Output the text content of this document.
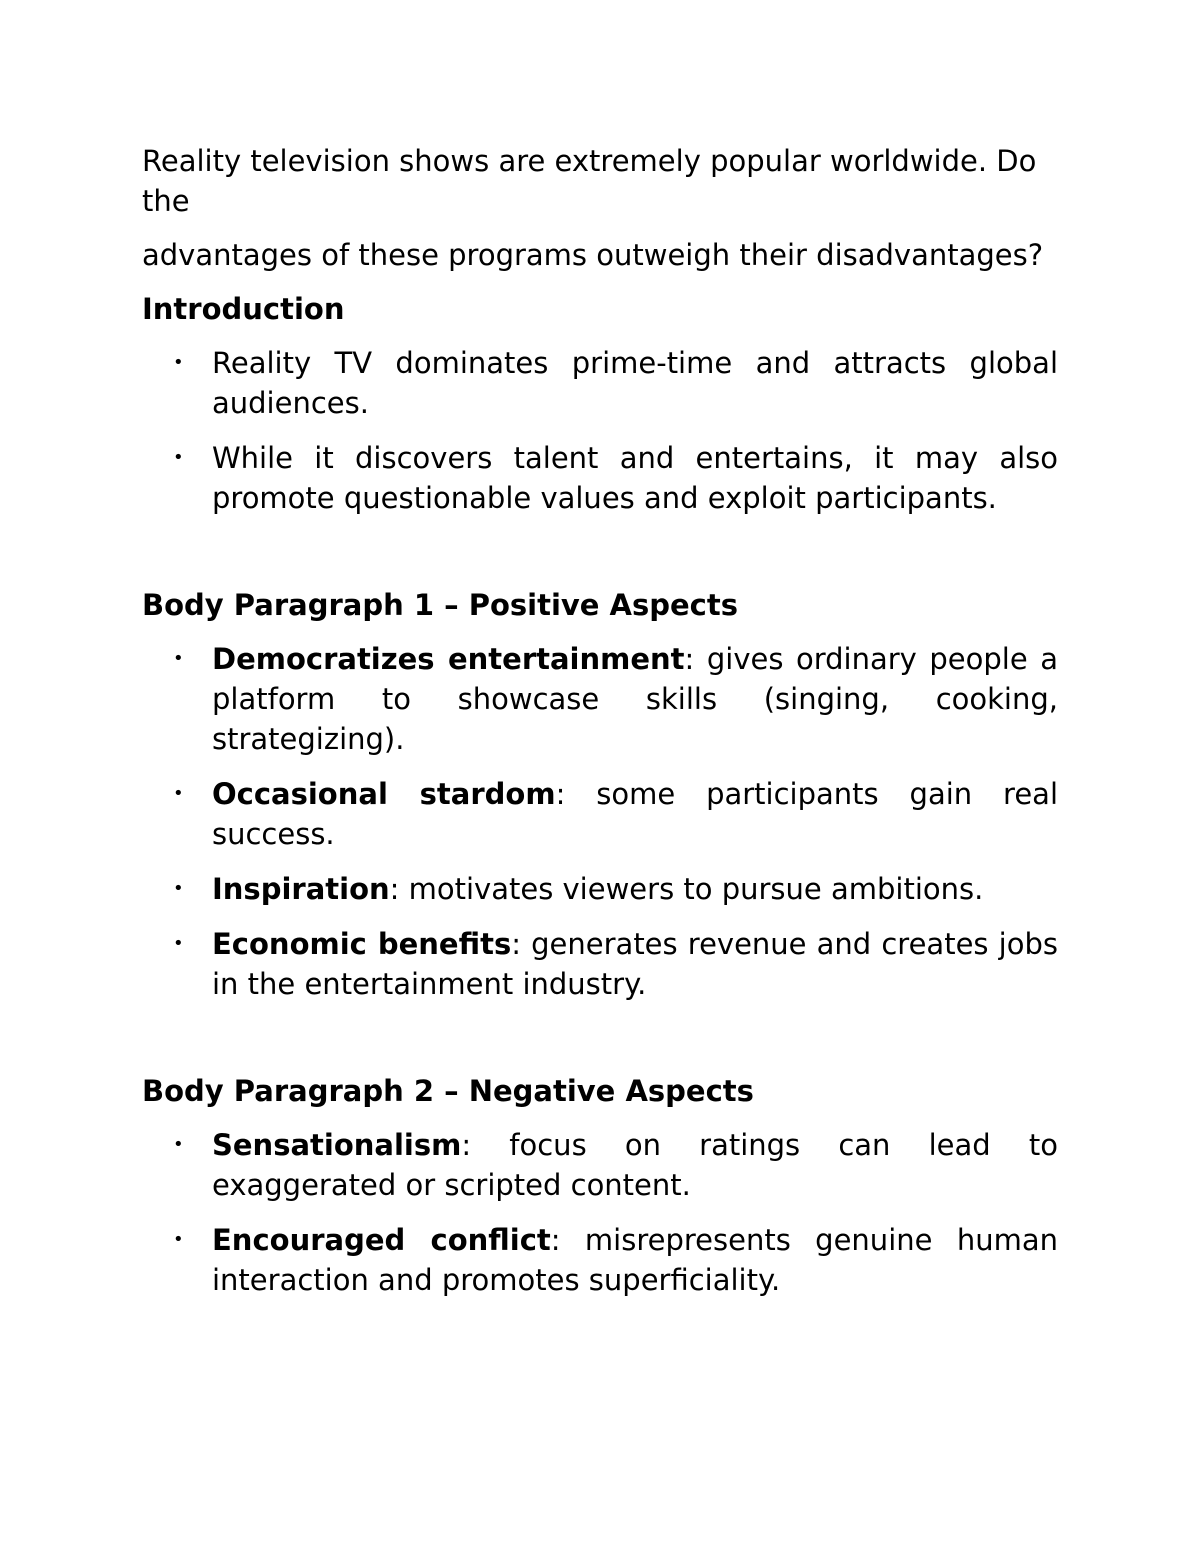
Reality television shows are extremely popular worldwide. Do the

advantages of these programs outweigh their disadvantages?

Introduction
• Reality TV dominates prime-time and attracts global audiences.
• While it discovers talent and entertains, it may also promote questionable values and exploit participants.
Body Paragraph 1 – Positive Aspects
• Democratizes entertainment: gives ordinary people a platform to showcase skills (singing, cooking, strategizing).
• Occasional stardom: some participants gain real success.
• Inspiration: motivates viewers to pursue ambitions.
• Economic benefits: generates revenue and creates jobs in the entertainment industry.
Body Paragraph 2 – Negative Aspects
• Sensationalism: focus on ratings can lead to exaggerated or scripted content.
• Encouraged conflict: misrepresents genuine human interaction and promotes superficiality.
